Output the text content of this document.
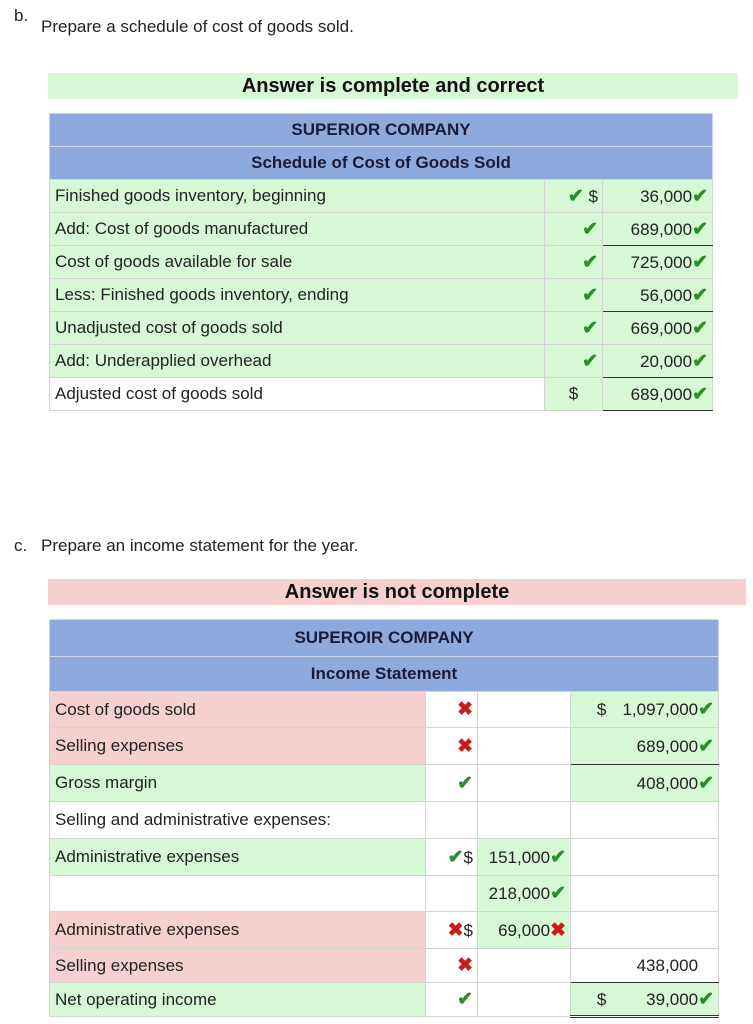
b.
Prepare a schedule of cost of goods sold.
Answer is complete and correct
SUPERIOR COMPANY		
Schedule of Cost of Goods Sold		
Finished goods inventory, beginning	✔ $	36,000✔
Add: Cost of goods manufactured	✔	689,000✔
Cost of goods available for sale	✔	725,000✔
Less: Finished goods inventory, ending	✔	56,000✔
Unadjusted cost of goods sold	✔	669,000✔
Add: Underapplied overhead	✔	20,000✔
Adjusted cost of goods sold	$	689,000✔
c. Prepare an income statement for the year.
Answer is not complete
SUPEROIR COMPANY			
Income Statement			
Cost of goods sold	✖		$ 1,097,000✔
Selling expenses	✖		689,000✔
Gross margin	✔		408,000✔
Selling and administrative expenses:			
Administrative expenses	✔$	151,000✔	
		218,000✔	
Administrative expenses	✖$	69,000✖	
Selling expenses	✖		438,000
Net operating income	✔		$ 39,000✔
